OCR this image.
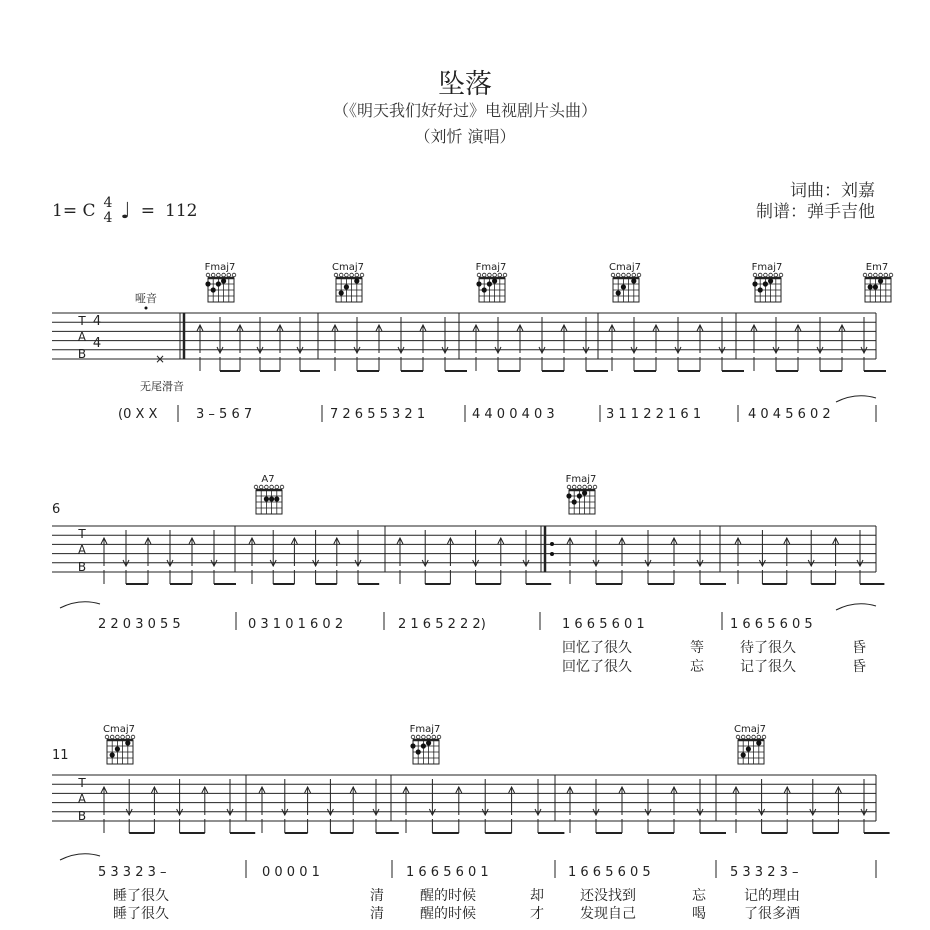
坠落
（《明天我们好好过》电视剧片头曲）
（刘忻 演唱）
1= C 4
4 ♩ = 112
词曲：刘嘉
制谱：弹手吉他
6
11
T
A
B
4
4
哑音
无尾滑音
×
Fmaj7	Cmaj7	Fmaj7	Cmaj7	Fmaj7	Em7
(0 X X	3 – 5 6 7	7 2 6 5 5 3 2 1	4 4 0 0 4 0 3	3 1 1 2 2 1 6 1	4 0 4 5 6 0 2
T
A
B
A7	Fmaj7
2 2 0 3 0 5 5	0 3 1 0 1 6 0 2	2 1 6 5 2 2 2)	1 6 6 5 6 0 1	1 6 6 5 6 0 5
回忆了很久	等	待了很久	昏
回忆了很久	忘	记了很久	昏
T
A
B
Cmaj7	Fmaj7	Cmaj7
5 3 3 2 3 –	0 0 0 0 1	1 6 6 5 6 0 1	1 6 6 5 6 0 5	5 3 3 2 3 –
睡了很久	清	醒的时候	却	还没找到	忘	记的理由
睡了很久	清	醒的时候	才	发现自己	喝	了很多酒
